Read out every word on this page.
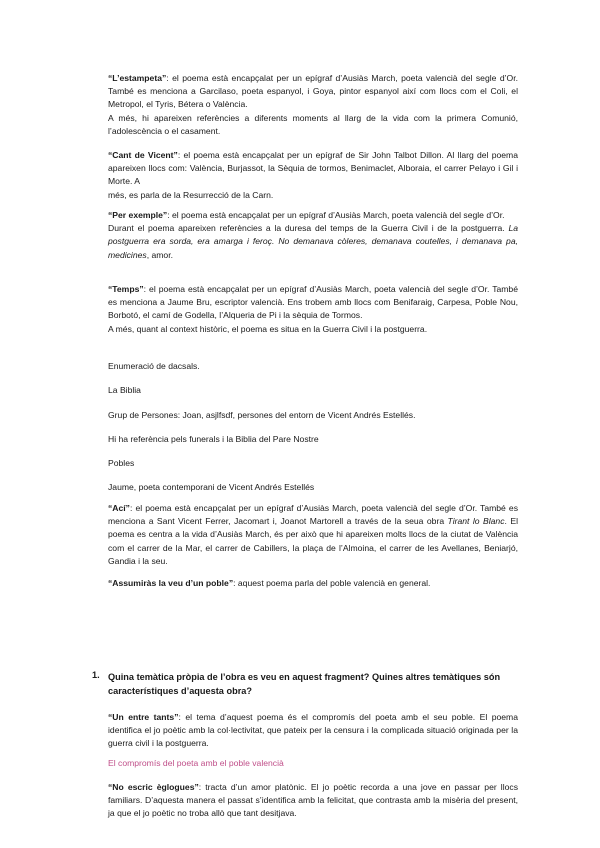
“L’estampeta”: el poema està encapçalat per un epígraf d’Ausiàs March, poeta valencià del segle d’Or. També es menciona a Garcilaso, poeta espanyol, i Goya, pintor espanyol així com llocs com el Coli, el Metropol, el Tyris, Bétera o València.

A més, hi apareixen referències a diferents moments al llarg de la vida com la primera Comunió, l’adolescència o el casament.

“Cant de Vicent”: el poema està encapçalat per un epígraf de Sir John Talbot Dillon. Al llarg del poema apareixen llocs com: València, Burjassot, la Sèquia de tormos, Benimaclet, Alboraia, el carrer Pelayo i Gil i Morte. A

més, es parla de la Resurrecció de la Carn.

“Per exemple”: el poema està encapçalat per un epígraf d’Ausiàs March, poeta valencià del segle d’Or.

Durant el poema apareixen referències a la duresa del temps de la Guerra Civil i de la postguerra. La postguerra era sorda, era amarga i feroç. No demanava còleres, demanava coutelles, i demanava pa, medicines, amor.

“Temps”: el poema està encapçalat per un epígraf d’Ausiàs March, poeta valencià del segle d’Or. També es menciona a Jaume Bru, escriptor valencià. Ens trobem amb llocs com Benifaraig, Carpesa, Poble Nou, Borbotó, el camí de Godella, l’Alqueria de Pi i la sèquia de Tormos.

A més, quant al context històric, el poema es situa en la Guerra Civil i la postguerra.

Enumeració de dacsals.
La Biblia
Grup de Persones: Joan, asjlfsdf, persones del entorn de Vicent Andrés Estellés.
Hi ha referència pels funerals i la Biblia del Pare Nostre
Pobles
Jaume, poeta contemporani de Vicent Andrés Estellés

“Ací”: el poema està encapçalat per un epígraf d’Ausiàs March, poeta valencià del segle d’Or. També es menciona a Sant Vicent Ferrer, Jacomart i, Joanot Martorell a través de la seua obra Tirant lo Blanc. El poema es centra a la vida d’Ausiàs March, és per això que hi apareixen molts llocs de la ciutat de València com el carrer de la Mar, el carrer de Cabillers, la plaça de l’Almoina, el carrer de les Avellanes, Beniarjó, Gandia i la seu.

“Assumiràs la veu d’un poble”: aquest poema parla del poble valencià en general.

1. Quina temàtica pròpia de l’obra es veu en aquest fragment? Quines altres temàtiques són característiques d’aquesta obra?

“Un entre tants”: el tema d’aquest poema és el compromís del poeta amb el seu poble. El poema identifica el jo poètic amb la col·lectivitat, que pateix per la censura i la complicada situació originada per la guerra civil i la postguerra.

El compromís del poeta amb el poble valencià

“No escric èglogues”: tracta d’un amor platònic. El jo poètic recorda a una jove en passar per llocs familiars. D’aquesta manera el passat s’identifica amb la felicitat, que contrasta amb la misèria del present, ja que el jo poètic no troba allò que tant desitjava.
